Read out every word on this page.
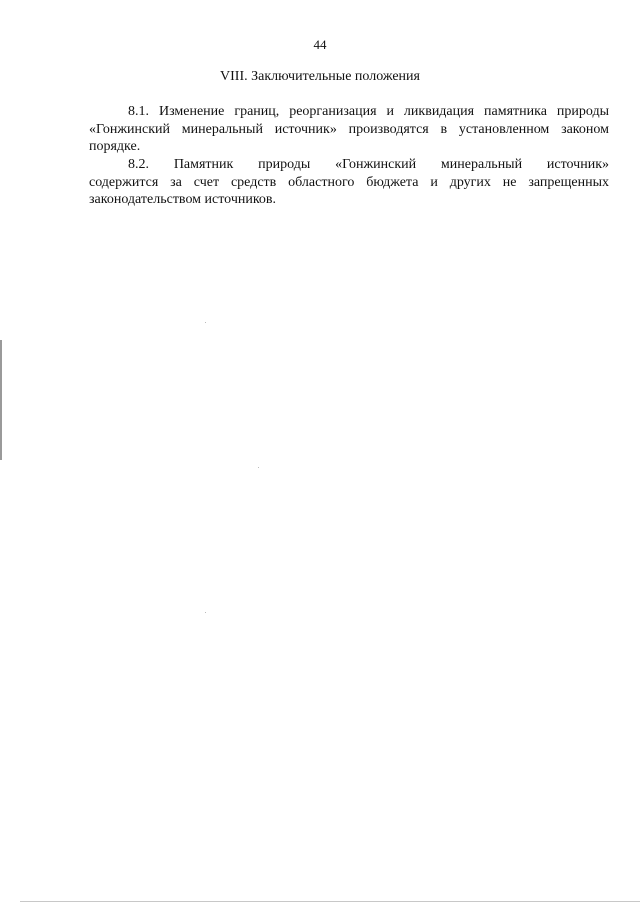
44
VIII. Заключительные положения

8.1. Изменение границ, реорганизация и ликвидация памятника природы «Гонжинский минеральный источник» производятся в установленном законом порядке.

8.2. Памятник природы «Гонжинский минеральный источник»
содержится за счет средств областного бюджета и других не запрещенных законодательством источников.
